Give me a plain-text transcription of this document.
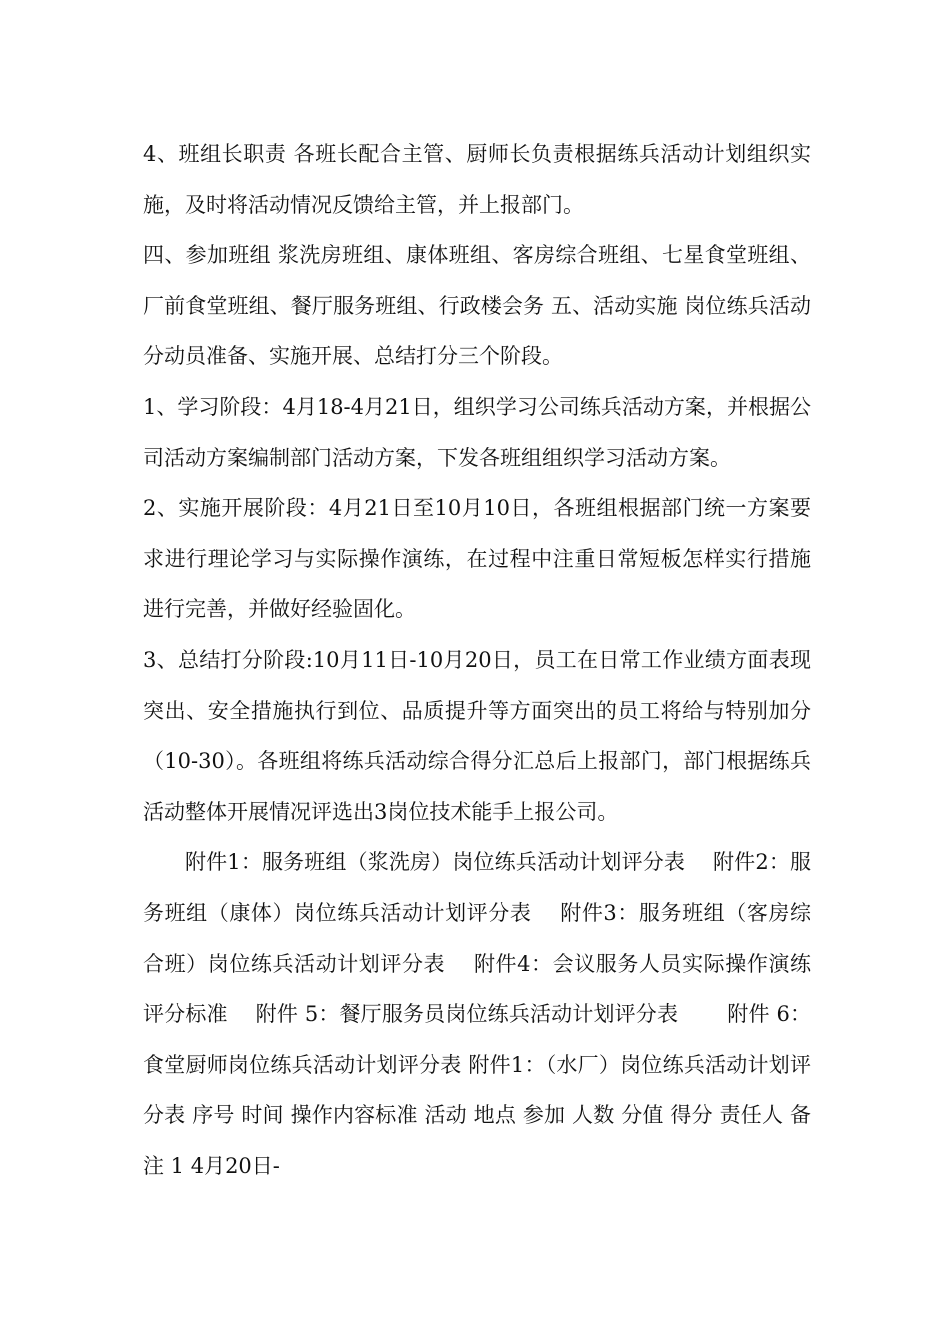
4、班组长职责 各班长配合主管、厨师长负责根据练兵活动计划组织实施，及时将活动情况反馈给主管，并上报部门。

四、参加班组 浆洗房班组、康体班组、客房综合班组、七星食堂班组、厂前食堂班组、餐厅服务班组、行政楼会务 五、活动实施 岗位练兵活动分动员准备、实施开展、总结打分三个阶段。

1、学习阶段：4月18-4月21日，组织学习公司练兵活动方案，并根据公司活动方案编制部门活动方案，下发各班组组织学习活动方案。

2、实施开展阶段：4月21日至10月10日，各班组根据部门统一方案要求进行理论学习与实际操作演练，在过程中注重日常短板怎样实行措施进行完善，并做好经验固化。

3、总结打分阶段:10月11日-10月20日，员工在日常工作业绩方面表现突出、安全措施执行到位、品质提升等方面突出的员工将给与特别加分（10-30）。各班组将练兵活动综合得分汇总后上报部门，部门根据练兵活动整体开展情况评选出3岗位技术能手上报公司。

附件1：服务班组（浆洗房）岗位练兵活动计划评分表　 附件2：服务班组（康体）岗位练兵活动计划评分表　 附件3：服务班组（客房综合班）岗位练兵活动计划评分表　 附件4：会议服务人员实际操作演练评分标准　 附件 5：餐厅服务员岗位练兵活动计划评分表　　 附件 6：食堂厨师岗位练兵活动计划评分表 附件1：（水厂）岗位练兵活动计划评分表 序号 时间 操作内容标准 活动 地点 参加 人数 分值 得分 责任人 备注 1 4月20日-
